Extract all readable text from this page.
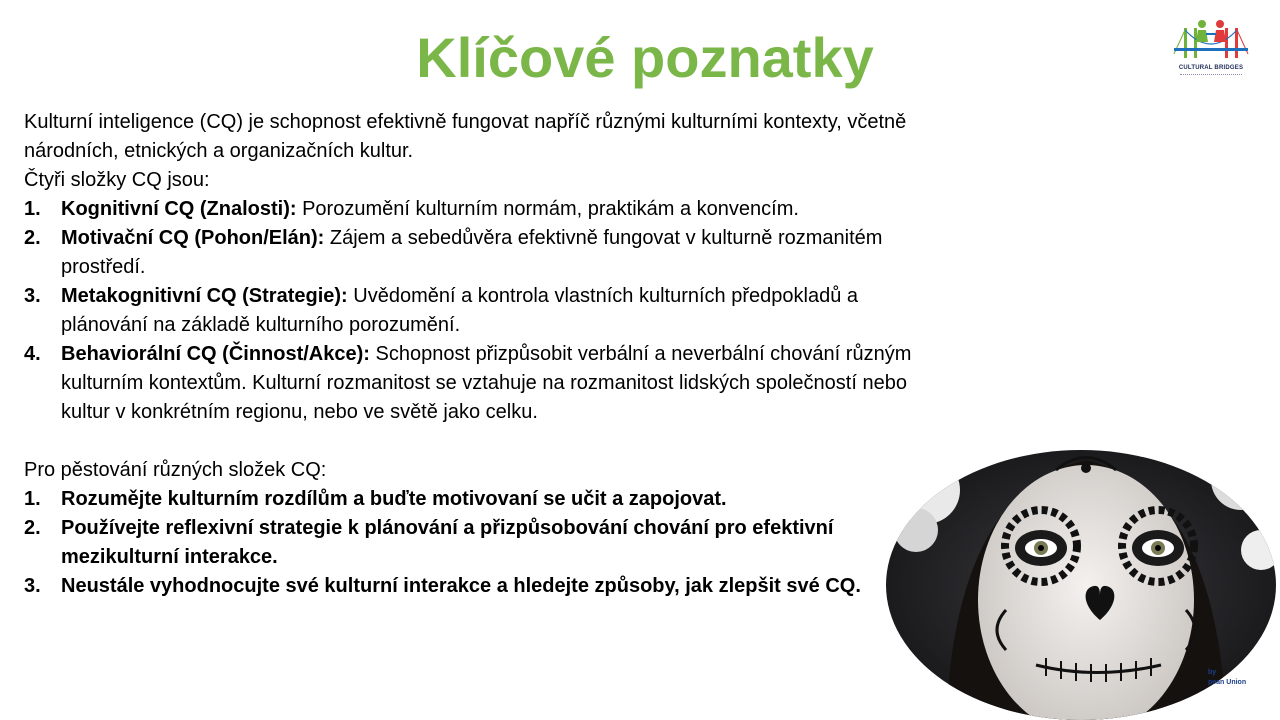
Klíčové poznatky	CULTURAL BRIDGES

Kulturní inteligence (CQ) je schopnost efektivně fungovat napříč různými kulturními kontexty, včetně národních, etnických a organizačních kultur.

Čtyři složky CQ jsou:

1. Kognitivní CQ (Znalosti): Porozumění kulturním normám, praktikám a konvencím.
2. Motivační CQ (Pohon/Elán): Zájem a sebedůvěra efektivně fungovat v kulturně rozmanitém prostředí.
3. Metakognitivní CQ (Strategie): Uvědomění a kontrola vlastních kulturních předpokladů a plánování na základě kulturního porozumění.
4. Behaviorální CQ (Činnost/Akce): Schopnost přizpůsobit verbální a neverbální chování různým kulturním kontextům. Kulturní rozmanitost se vztahuje na rozmanitost lidských společností nebo kultur v konkrétním regionu, nebo ve světě jako celku.

Pro pěstování různých složek CQ:

1. Rozumějte kulturním rozdílům a buďte motivovaní se učit a zapojovat.
2. Používejte reflexivní strategie k plánování a přizpůsobování chování pro efektivní mezikulturní interakce.
3. Neustále vyhodnocujte své kulturní interakce a hledejte způsoby, jak zlepšit své CQ.
by
pean Union
